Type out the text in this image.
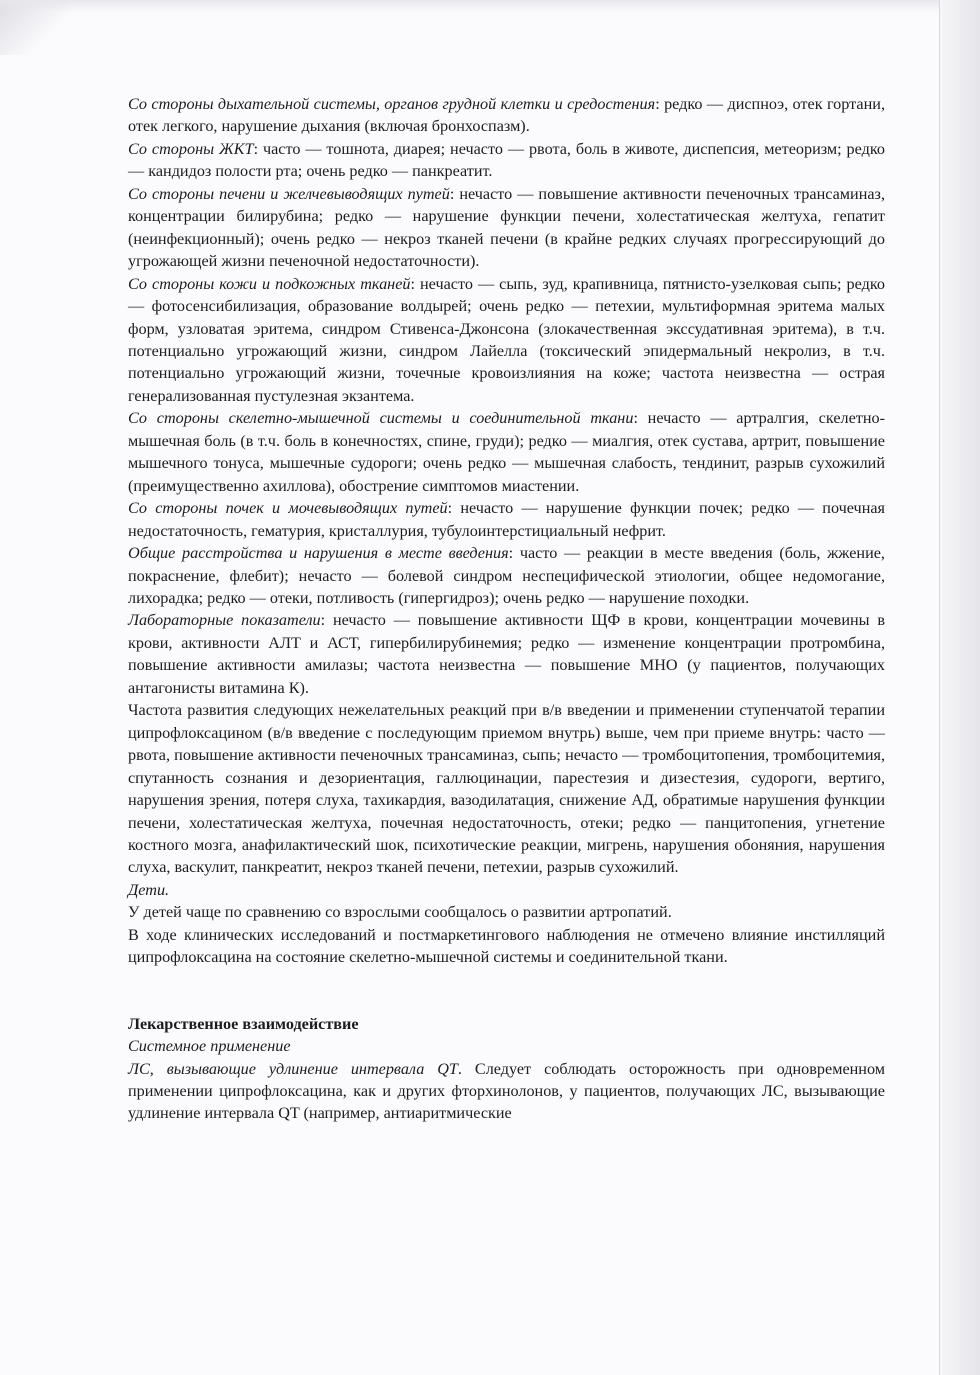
Со стороны дыхательной системы, органов грудной клетки и средостения: редко — диспноэ, отек гортани, отек легкого, нарушение дыхания (включая бронхоспазм).

Со стороны ЖКТ: часто — тошнота, диарея; нечасто — рвота, боль в животе, диспепсия, метеоризм; редко — кандидоз полости рта; очень редко — панкреатит.

Со стороны печени и желчевыводящих путей: нечасто — повышение активности печеночных трансаминаз, концентрации билирубина; редко — нарушение функции печени, холестатическая желтуха, гепатит (неинфекционный); очень редко — некроз тканей печени (в крайне редких случаях прогрессирующий до угрожающей жизни печеночной недостаточности).

Со стороны кожи и подкожных тканей: нечасто — сыпь, зуд, крапивница, пятнисто-узелковая сыпь; редко — фотосенсибилизация, образование волдырей; очень редко — петехии, мультиформная эритема малых форм, узловатая эритема, синдром Стивенса-Джонсона (злокачественная экссудативная эритема), в т.ч. потенциально угрожающий жизни, синдром Лайелла (токсический эпидермальный некролиз, в т.ч. потенциально угрожающий жизни, точечные кровоизлияния на коже; частота неизвестна — острая генерализованная пустулезная экзантема.

Со стороны скелетно-мышечной системы и соединительной ткани: нечасто — артралгия, скелетно-мышечная боль (в т.ч. боль в конечностях, спине, груди); редко — миалгия, отек сустава, артрит, повышение мышечного тонуса, мышечные судороги; очень редко — мышечная слабость, тендинит, разрыв сухожилий (преимущественно ахиллова), обострение симптомов миастении.

Со стороны почек и мочевыводящих путей: нечасто — нарушение функции почек; редко — почечная недостаточность, гематурия, кристаллурия, тубулоинтерстициальный нефрит.

Общие расстройства и нарушения в месте введения: часто — реакции в месте введения (боль, жжение, покраснение, флебит); нечасто — болевой синдром неспецифической этиологии, общее недомогание, лихорадка; редко — отеки, потливость (гипергидроз); очень редко — нарушение походки.

Лабораторные показатели: нечасто — повышение активности ЩФ в крови, концентрации мочевины в крови, активности АЛТ и АСТ, гипербилирубинемия; редко — изменение концентрации протромбина, повышение активности амилазы; частота неизвестна — повышение МНО (у пациентов, получающих антагонисты витамина К).

Частота развития следующих нежелательных реакций при в/в введении и применении ступенчатой терапии ципрофлоксацином (в/в введение с последующим приемом внутрь) выше, чем при приеме внутрь: часто — рвота, повышение активности печеночных трансаминаз, сыпь; нечасто — тромбоцитопения, тромбоцитемия, спутанность сознания и дезориентация, галлюцинации, парестезия и дизестезия, судороги, вертиго, нарушения зрения, потеря слуха, тахикардия, вазодилатация, снижение АД, обратимые нарушения функции печени, холестатическая желтуха, почечная недостаточность, отеки; редко — панцитопения, угнетение костного мозга, анафилактический шок, психотические реакции, мигрень, нарушения обоняния, нарушения слуха, васкулит, панкреатит, некроз тканей печени, петехии, разрыв сухожилий.

Дети.

У детей чаще по сравнению со взрослыми сообщалось о развитии артропатий.

В ходе клинических исследований и постмаркетингового наблюдения не отмечено влияние инстилляций ципрофлоксацина на состояние скелетно-мышечной системы и соединительной ткани.

Лекарственное взаимодействие

Системное применение

ЛС, вызывающие удлинение интервала QT. Следует соблюдать осторожность при одновременном применении ципрофлоксацина, как и других фторхинолонов, у пациентов, получающих ЛС, вызывающие удлинение интервала QT (например, антиаритмические
